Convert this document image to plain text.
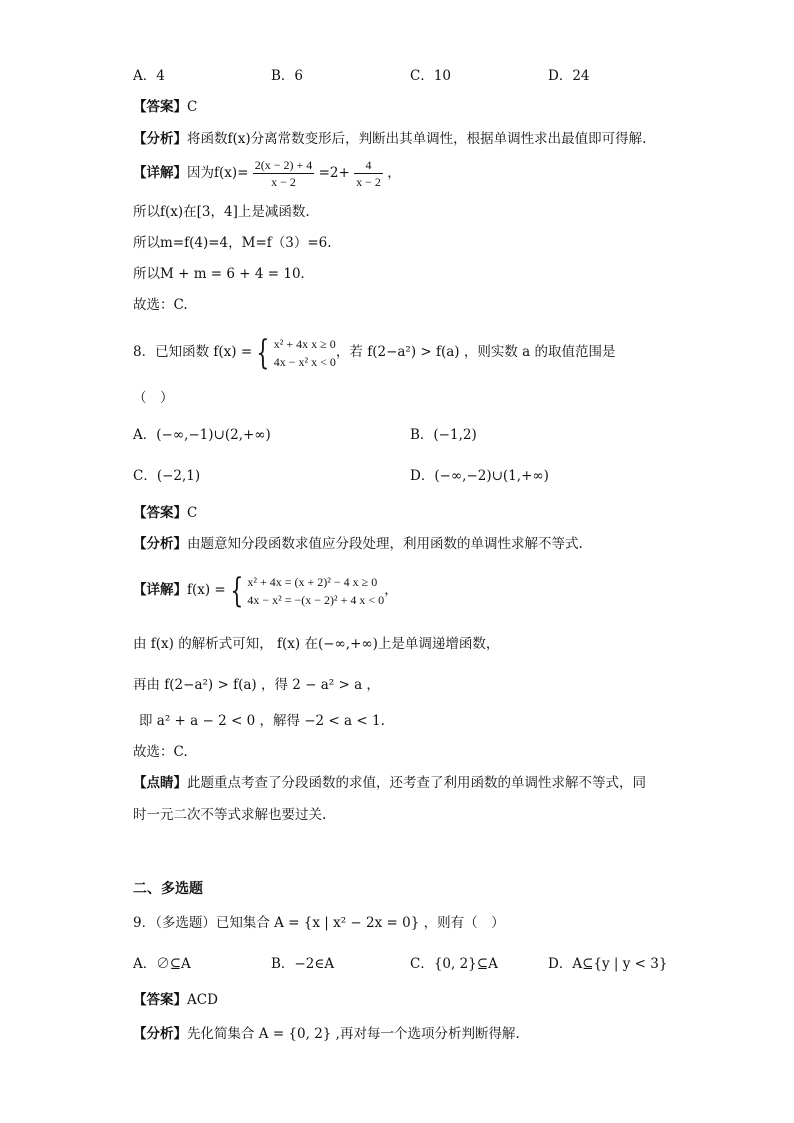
A．4	B．6	C．10	D．24
【答案】C
【分析】将函数f(x)分离常数变形后，判断出其单调性，根据单调性求出最值即可得解.
【详解】因为$f(x)= \frac{2(x - 2) + 4}{x - 2} =2+ \frac{4}{x - 2}$ ，
所以f(x)在[3，4]上是减函数.
所以m=f(4)=4，M=f（3）=6.
所以M + m = 6 + 4 = 10．
故选：C.
8．已知函数 f(x) = { x² + 4x x ≥ 0
4x − x² x < 0，若 f(2−a²) > f(a) ，则实数 a 的取值范围是
（　）
A．(−∞,−1)∪(2,+∞)	B．(−1,2)
C．(−2,1)	D．(−∞,−2)∪(1,+∞)
【答案】C
【分析】由题意知分段函数求值应分段处理，利用函数的单调性求解不等式.
【详解】f(x) = { x² + 4x = (x + 2)² − 4 x ≥ 0
4x − x² = −(x − 2)² + 4 x < 0，
由 f(x) 的解析式可知， f(x) 在(−∞,+∞)上是单调递增函数，
再由 f(2−a²) > f(a) ，得 2 − a² > a ，
即 a² + a − 2 < 0 ，解得 −2 < a < 1.
故选：C.
【点睛】此题重点考查了分段函数的求值，还考查了利用函数的单调性求解不等式，同
时一元二次不等式求解也要过关.
二、多选题
9．（多选题）已知集合 A = {x | x² − 2x = 0} ，则有（　）
A．∅⊆A	B．−2∈A	C．{0, 2}⊆A	D．A⊆{y | y < 3}
【答案】ACD
【分析】先化简集合 A = {0, 2} ,再对每一个选项分析判断得解.
